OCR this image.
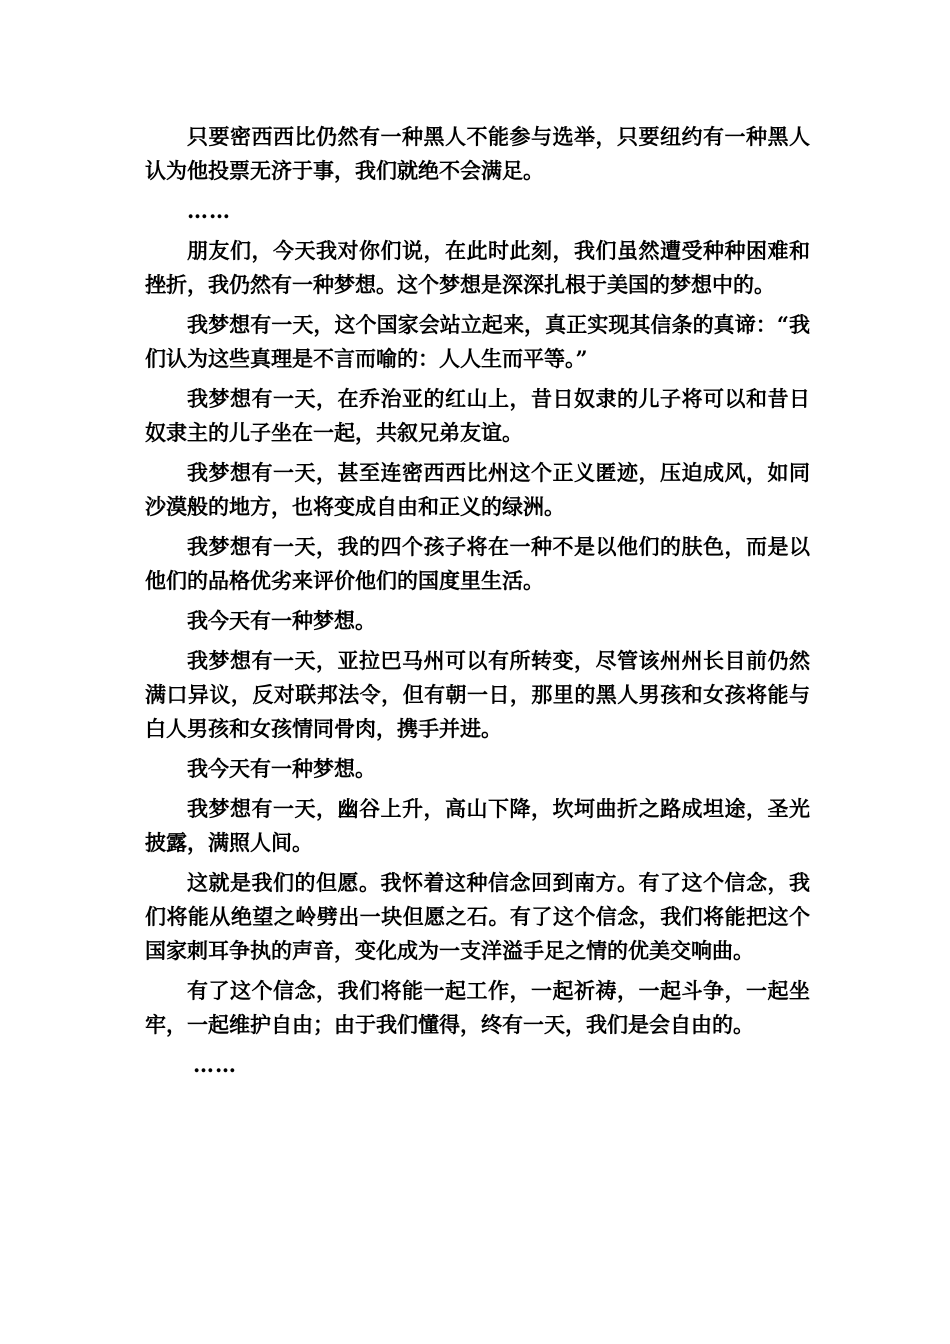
只要密西西比仍然有一种黑人不能参与选举，只要纽约有一种黑人认为他投票无济于事，我们就绝不会满足。

……

朋友们，今天我对你们说，在此时此刻，我们虽然遭受种种困难和挫折，我仍然有一种梦想。这个梦想是深深扎根于美国的梦想中的。

我梦想有一天，这个国家会站立起来，真正实现其信条的真谛：“我们认为这些真理是不言而喻的：人人生而平等。”

我梦想有一天，在乔治亚的红山上，昔日奴隶的儿子将可以和昔日奴隶主的儿子坐在一起，共叙兄弟友谊。

我梦想有一天，甚至连密西西比州这个正义匿迹，压迫成风，如同沙漠般的地方，也将变成自由和正义的绿洲。

我梦想有一天，我的四个孩子将在一种不是以他们的肤色，而是以他们的品格优劣来评价他们的国度里生活。

我今天有一种梦想。

我梦想有一天，亚拉巴马州可以有所转变，尽管该州州长目前仍然满口异议，反对联邦法令，但有朝一日，那里的黑人男孩和女孩将能与白人男孩和女孩情同骨肉，携手并进。

我今天有一种梦想。

我梦想有一天，幽谷上升，高山下降，坎坷曲折之路成坦途，圣光披露，满照人间。

这就是我们的但愿。我怀着这种信念回到南方。有了这个信念，我们将能从绝望之岭劈出一块但愿之石。有了这个信念，我们将能把这个国家刺耳争执的声音，变化成为一支洋溢手足之情的优美交响曲。

有了这个信念，我们将能一起工作，一起祈祷，一起斗争，一起坐牢，一起维护自由；由于我们懂得，终有一天，我们是会自由的。

……
